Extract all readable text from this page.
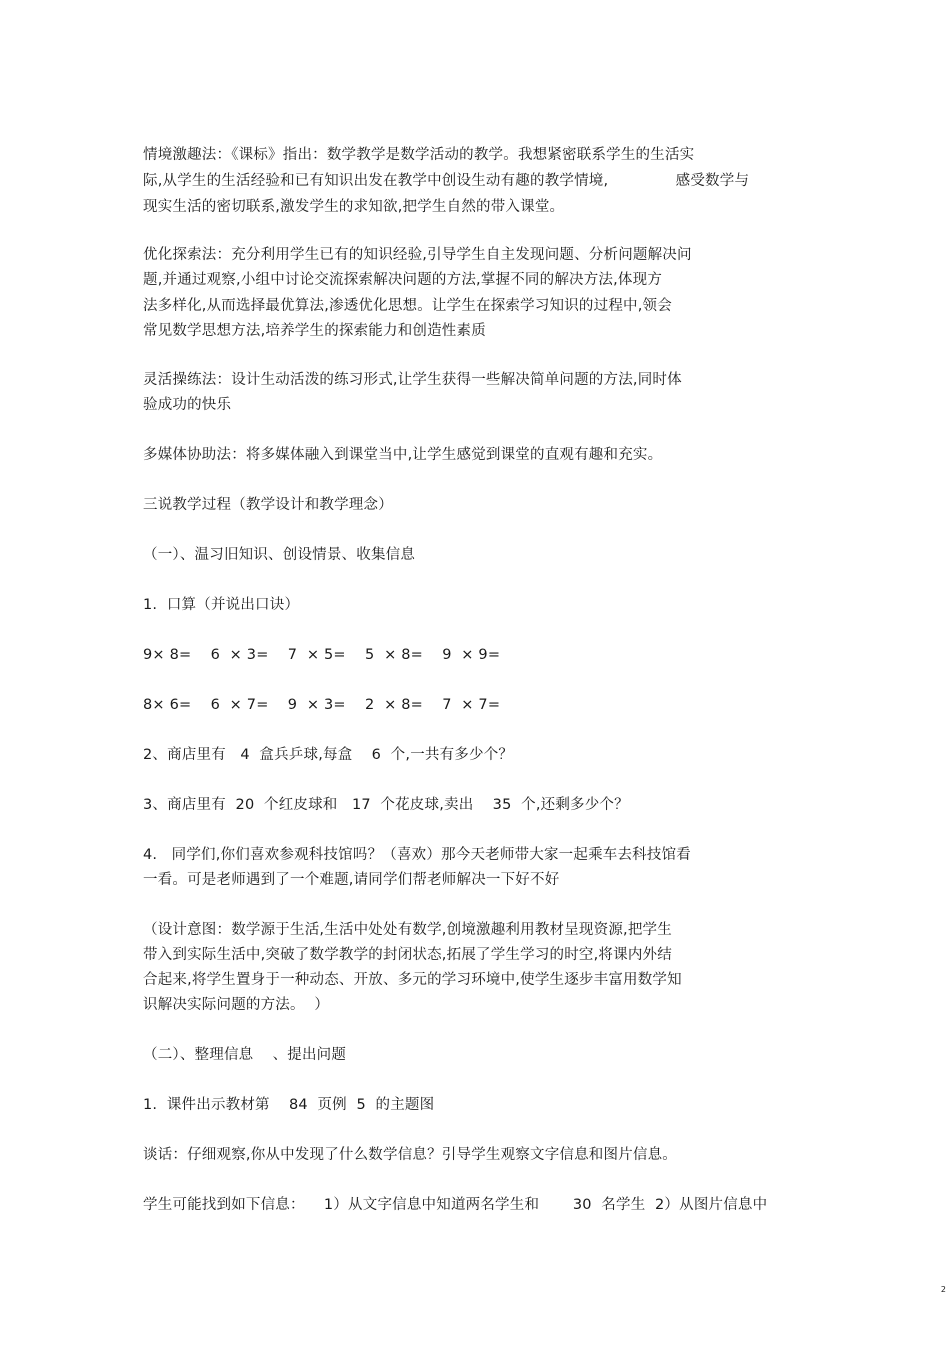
情境激趣法：《课标》指出：数学教学是数学活动的教学。我想紧密联系学生的生活实

际,从学生的生活经验和已有知识出发在教学中创设生动有趣的教学情境,              感受数学与

现实生活的密切联系,激发学生的求知欲,把学生自然的带入课堂。

优化探索法：充分利用学生已有的知识经验,引导学生自主发现问题、分析问题解决问

题,并通过观察,小组中讨论交流探索解决问题的方法,掌握不同的解决方法,体现方

法多样化,从而选择最优算法,渗透优化思想。让学生在探索学习知识的过程中,领会

常见数学思想方法,培养学生的探索能力和创造性素质

灵活操练法：设计生动活泼的练习形式,让学生获得一些解决简单问题的方法,同时体

验成功的快乐

多媒体协助法：将多媒体融入到课堂当中,让学生感觉到课堂的直观有趣和充实。

三说教学过程（教学设计和教学理念）

（一）、温习旧知识、创设情景、收集信息

1.  口算（并说出口诀）

9× 8=    6  × 3=    7  × 5=    5  × 8=    9  × 9=

8× 6=    6  × 7=    9  × 3=    2  × 8=    7  × 7=

2、商店里有   4  盒兵乒球,每盒    6  个,一共有多少个？

3、商店里有  20  个红皮球和   17  个花皮球,卖出    35  个,还剩多少个？

4.   同学们,你们喜欢参观科技馆吗？（喜欢）那今天老师带大家一起乘车去科技馆看

一看。可是老师遇到了一个难题,请同学们帮老师解决一下好不好

（设计意图：数学源于生活,生活中处处有数学,创境激趣利用教材呈现资源,把学生

带入到实际生活中,突破了数学教学的封闭状态,拓展了学生学习的时空,将课内外结

合起来,将学生置身于一种动态、开放、多元的学习环境中,使学生逐步丰富用数学知

识解决实际问题的方法。  ）

（二）、整理信息    、提出问题

1.  课件出示教材第    84  页例  5  的主题图

谈话：仔细观察,你从中发现了什么数学信息？引导学生观察文字信息和图片信息。

学生可能找到如下信息：    1）从文字信息中知道两名学生和       30  名学生  2）从图片信息中

2
